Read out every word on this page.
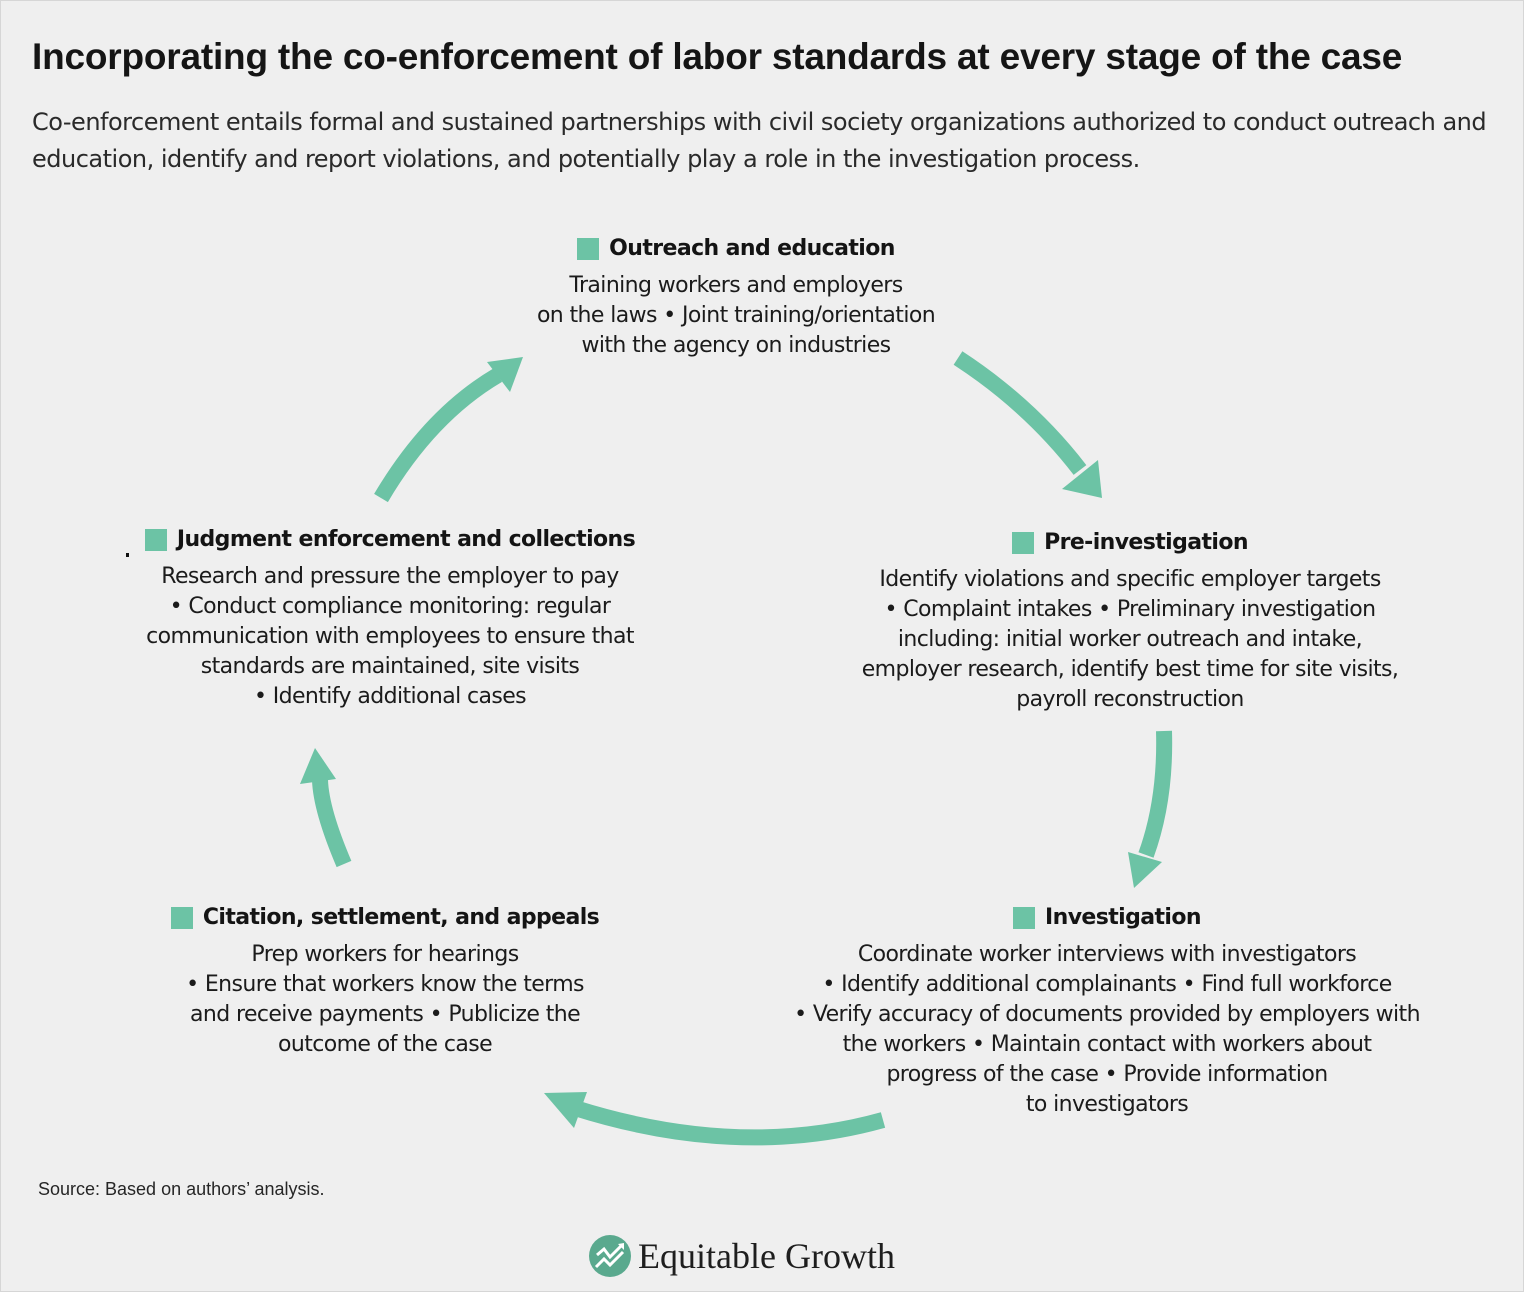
Incorporating the co-enforcement of labor standards at every stage of the case
Co-enforcement entails formal and sustained partnerships with civil society organizations authorized to conduct outreach and education, identify and report violations, and potentially play a role in the investigation process.
Outreach and education
Training workers and employers
on the laws • Joint training/orientation
with the agency on industries
Pre-investigation
Identify violations and specific employer targets
• Complaint intakes • Preliminary investigation
including: initial worker outreach and intake,
employer research, identify best time for site visits,
payroll reconstruction
Investigation
Coordinate worker interviews with investigators
• Identify additional complainants • Find full workforce
• Verify accuracy of documents provided by employers with
the workers • Maintain contact with workers about
progress of the case • Provide information
to investigators
Citation, settlement, and appeals
Prep workers for hearings
• Ensure that workers know the terms
and receive payments • Publicize the
outcome of the case
Judgment enforcement and collections
Research and pressure the employer to pay
• Conduct compliance monitoring: regular
communication with employees to ensure that
standards are maintained, site visits
• Identify additional cases
Source: Based on authors’ analysis.
Equitable Growth
